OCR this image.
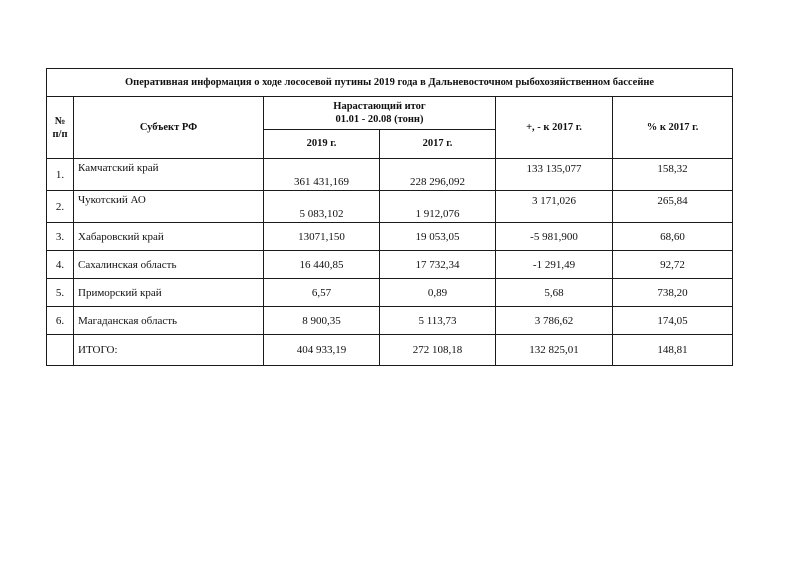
Оперативная информация о ходе лососевой путины 2019 года в Дальневосточном рыбохозяйственном бассейне					
№
п/п	Субъект РФ	Нарастающий итог
01.01 - 20.08 (тонн)		+, - к 2017 г.	% к 2017 г.
		2019 г.	2017 г.		
1.	Камчатский край	361 431,169	228 296,092	133 135,077	158,32
2.	Чукотский АО	5 083,102	1 912,076	3 171,026	265,84
3.	Хабаровский край	13071,150	19 053,05	-5 981,900	68,60
4.	Сахалинская область	16 440,85	17 732,34	-1 291,49	92,72
5.	Приморский край	6,57	0,89	5,68	738,20
6.	Магаданская область	8 900,35	5 113,73	3 786,62	174,05
	ИТОГО:	404 933,19	272 108,18	132 825,01	148,81
